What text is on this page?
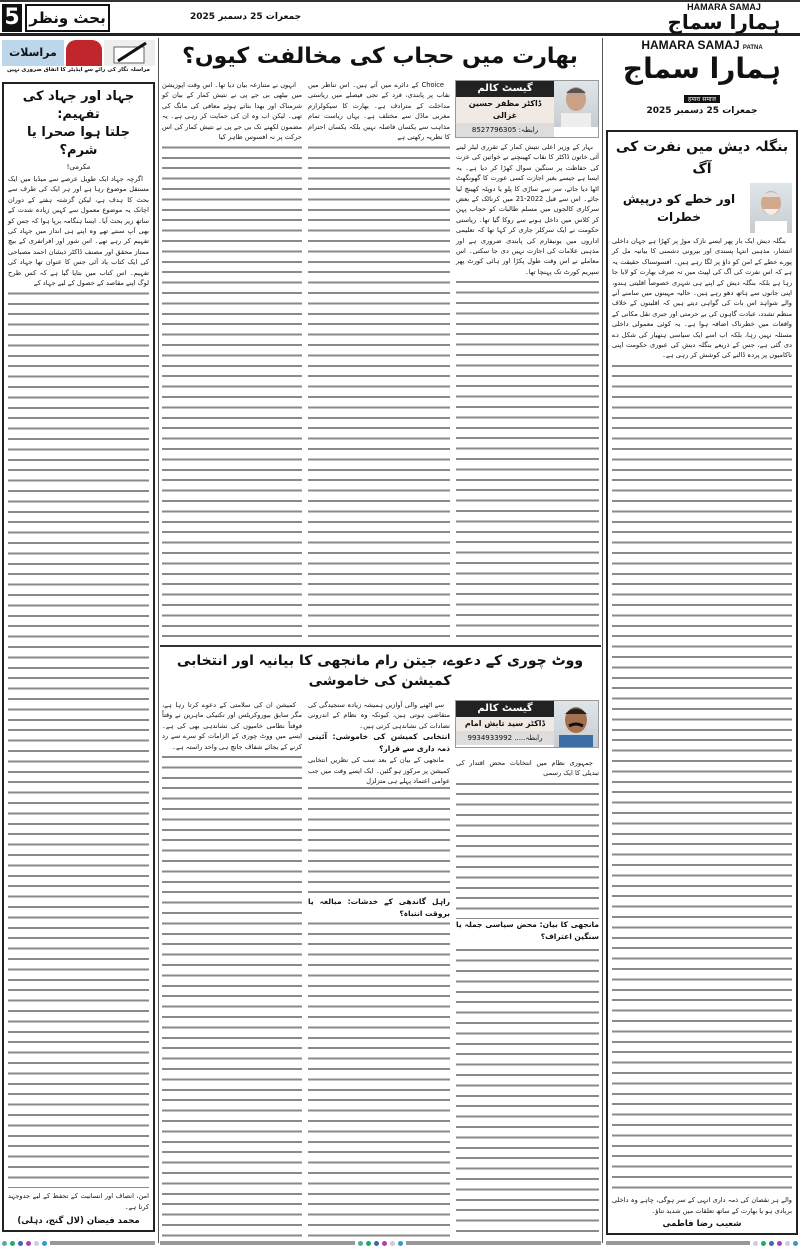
5 بحث ونظر	جمعرات 25 دسمبر 2025
HAMARA SAMAJ
ہمارا سماج
مراسلات
مراسلہ نگار کی رائے سے ایڈیٹر کا اتفاق ضروری نہیں
جہاد اور جہاد کی تفہیم:
جلتا ہوا صحرا یا شرم؟
مکرمی!

اگرچہ جہاد ایک طویل عرصے سے میڈیا میں ایک مستقل موضوع رہا ہے اور ہر ایک کی طرف سے بحث کا ہدف ہے، لیکن گزشتہ ہفتے کے دوران اچانک یہ موضوع معمول سے کہیں زیادہ شدت کے ساتھ زیر بحث آیا۔ ایسا ہنگامہ برپا ہوا کہ جس کو بھی آپ سنتے تھے وہ اپنے ہی انداز میں جہاد کی تفہیم کر رہے تھے۔ اس شور اور افراتفری کے بیچ ممتاز محقق اور مصنف ڈاکٹر ذیشان احمد مصباحی کی ایک کتاب یاد آئی جس کا عنوان تھا جہاد کی تفہیم۔ اس کتاب میں بتایا گیا ہے کہ کس طرح لوگ اپنے مقاصد کے حصول کے لیے جہاد کے

امن، انصاف اور انسانیت کے تحفظ کے لیے جدوجہد کرتا ہے۔
محمد فیضان (لال گنج، دہلی)
بھارت میں حجاب کی مخالفت کیوں؟
گیسٹ کالم
ڈاکٹر مظفر حسین غزالی
رابطہ: 8527796305

انہوں نے متنازعہ بیان دیا تھا۔ اس وقت اپوزیشن میں بیٹھی بی جے پی نے نتیش کمار کے بیان کو شرمناک اور بھدا بتاتے ہوئے معافی کی مانگ کی تھی۔ لیکن اب وہ ان کی حمایت کر رہی ہے۔ یہ مضمون لکھنے تک بی جے پی نے نتیش کمار کی اس حرکت پر نہ افسوس ظاہر کیا

Choice کے دائرے میں آتے ہیں۔ اس تناظر میں نقاب پر پابندی، فرد کے نجی فیصلے میں ریاستی مداخلت کے مترادف ہے۔ بھارت کا سیکولرازم مغربی ماڈل سے مختلف ہے۔ یہاں ریاست تمام مذاہب سے یکساں فاصلہ نہیں بلکہ یکساں احترام کا نظریہ رکھتی ہے

بہار کے وزیر اعلی نتیش کمار کے تقرری لیٹر لینے آئی خاتون ڈاکٹر کا نقاب کھینچنے نے خواتین کی عزت کی حفاظت پر سنگین سوال کھڑا کر دیا ہے۔ یہ ایسا ہے جیسے بغیر اجازت کسی عورت کا گھونگھٹ اٹھا دیا جائے، سر سے ساڑی کا پلو یا دوپٹہ کھینچ لیا جائے۔ اس سے قبل 2022-21 میں کرناٹک کے بعض سرکاری کالجوں میں مسلم طالبات کو حجاب پہن کر کلاس میں داخل ہونے سے روکا گیا تھا۔ ریاستی حکومت نے ایک سرکلر جاری کر کہا تھا کہ تعلیمی اداروں میں یونیفارم کی پابندی ضروری ہے اور مذہبی علامات کی اجازت نہیں دی جا سکتی۔ اس معاملے نے اس وقت طول پکڑا اور ہائی کورٹ پھر سپریم کورٹ تک پہنچا تھا۔

ووٹ چوری کے دعوے، جیتن رام مانجھی کا بیانیہ اور انتخابی کمیشن کی خاموشی
گیسٹ کالم
ڈاکٹر سید تابش امام
رابطہ..... 9934933992

کمیشن ان کی سلامتی کے دعوے کرتا رہا ہے، مگر سابق بیوروکریٹس اور تکنیکی ماہرین نے وقتاً فوقتاً نظامی خامیوں کی نشاندہی بھی کی ہے۔ ایسے میں ووٹ چوری کے الزامات کو سرے سے رد کرنے کے بجائے شفاف جانچ ہی واحد راستہ ہے۔

سے اٹھنے والی آوازیں ہمیشہ زیادہ سنجیدگی کی متقاضی ہوتی ہیں، کیونکہ وہ نظام کے اندرونی تضادات کی نشاندہی کرتی ہیں۔

انتخابی کمیشن کی خاموشی: آئینی ذمہ داری سے فرار؟

مانجھی کے بیان کے بعد سب کی نظریں انتخابی کمیشن پر مرکوز ہو گئیں۔ ایک ایسے وقت میں جب عوامی اعتماد پہلے ہی متزلزل

راہل گاندھی کے خدشات: مبالغہ یا بروقت انتباہ؟

جمہوری نظام میں انتخابات محض اقتدار کی تبدیلی کا ایک رسمی

مانجھی کا بیان: محض سیاسی جملہ یا سنگین اعتراف؟
HAMARA SAMAJ PATNA
ہمارا سماج
हमारा समाज
جمعرات 25 دسمبر 2025
بنگلہ دیش میں نفرت کی آگ
اور خطے کو درپیش خطرات

بنگلہ دیش ایک بار پھر ایسے نازک موڑ پر کھڑا ہے جہاں داخلی انتشار، مذہبی انتہا پسندی اور بیرونی دشمنی کا بیانیہ مل کر پورے خطے کے امن کو داؤ پر لگا رہے ہیں۔ افسوسناک حقیقت یہ ہے کہ اس نفرت کی آگ کی لپیٹ میں نہ صرف بھارت کو لایا جا رہا ہے بلکہ بنگلہ دیش کے اپنے ہی شہری خصوصاً اقلیتی ہندو، اپنی جانوں سے ہاتھ دھو رہے ہیں۔ حالیہ مہینوں میں سامنے آنے والے شواہد اس بات کی گواہی دیتے ہیں کہ اقلیتوں کے خلاف منظم تشدد، عبادت گاہوں کی بے حرمتی اور جبری نقل مکانی کے واقعات میں خطرناک اضافہ ہوا ہے۔ یہ کوئی معمولی داخلی مسئلہ نہیں رہا، بلکہ اب اسے ایک سیاسی ہتھیار کی شکل دے دی گئی ہے، جس کے ذریعے بنگلہ دیش کی عبوری حکومت اپنی ناکامیوں پر پردہ ڈالنے کی کوشش کر رہی ہے۔

والے ہر نقصان کی ذمہ داری انہی کے سر ہوگی، چاہے وہ داخلی بربادی ہو یا بھارت کے ساتھ تعلقات میں شدید تناؤ۔
شعیب رضا فاطمی
